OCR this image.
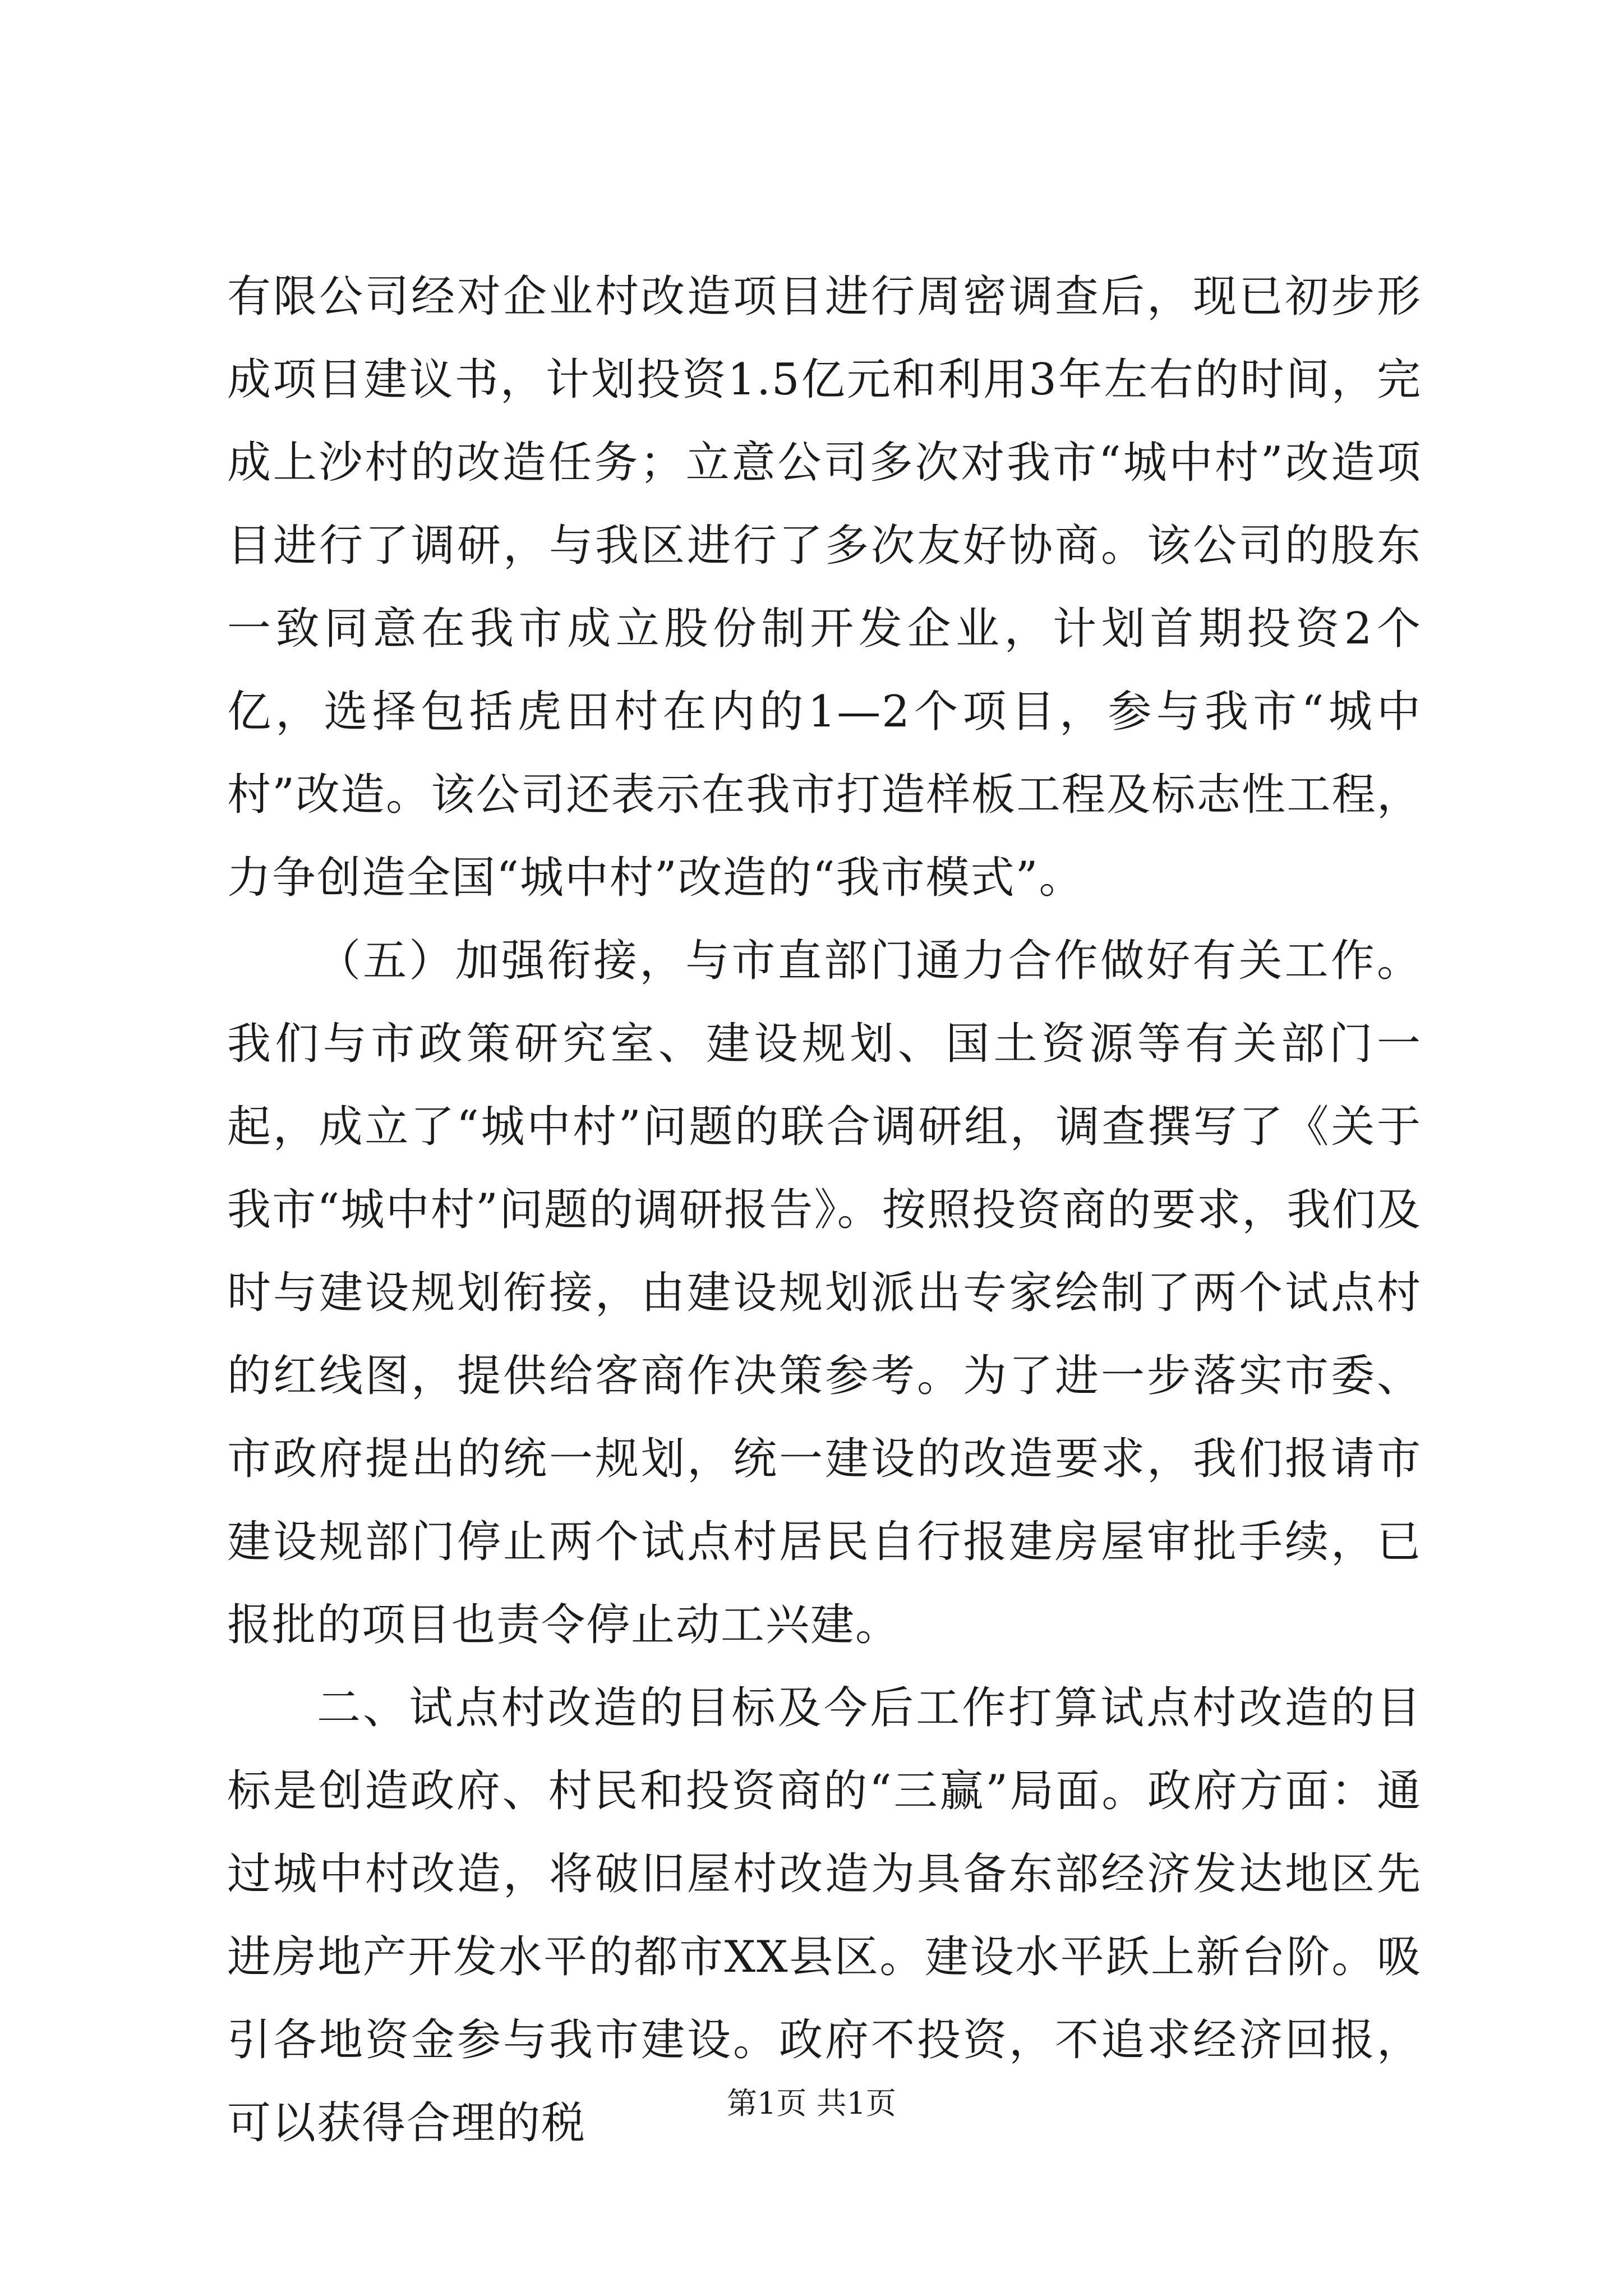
有限公司经对企业村改造项目进行周密调查后，现已初步形成项目建议书，计划投资1.5亿元和利用3年左右的时间，完成上沙村的改造任务；立意公司多次对我市“城中村”改造项目进行了调研，与我区进行了多次友好协商。该公司的股东一致同意在我市成立股份制开发企业，计划首期投资2个亿，选择包括虎田村在内的1—2个项目，参与我市“城中村”改造。该公司还表示在我市打造样板工程及标志性工程，力争创造全国“城中村”改造的“我市模式”。

（五）加强衔接，与市直部门通力合作做好有关工作。我们与市政策研究室、建设规划、国土资源等有关部门一起，成立了“城中村”问题的联合调研组，调查撰写了《关于我市“城中村”问题的调研报告》。按照投资商的要求，我们及时与建设规划衔接，由建设规划派出专家绘制了两个试点村的红线图，提供给客商作决策参考。为了进一步落实市委、市政府提出的统一规划，统一建设的改造要求，我们报请市建设规部门停止两个试点村居民自行报建房屋审批手续，已报批的项目也责令停止动工兴建。

二、试点村改造的目标及今后工作打算试点村改造的目标是创造政府、村民和投资商的“三赢”局面。政府方面：通过城中村改造，将破旧屋村改造为具备东部经济发达地区先进房地产开发水平的都市XX县区。建设水平跃上新台阶。吸引各地资金参与我市建设。政府不投资，不追求经济回报，可以获得合理的税	第1页 共1页
